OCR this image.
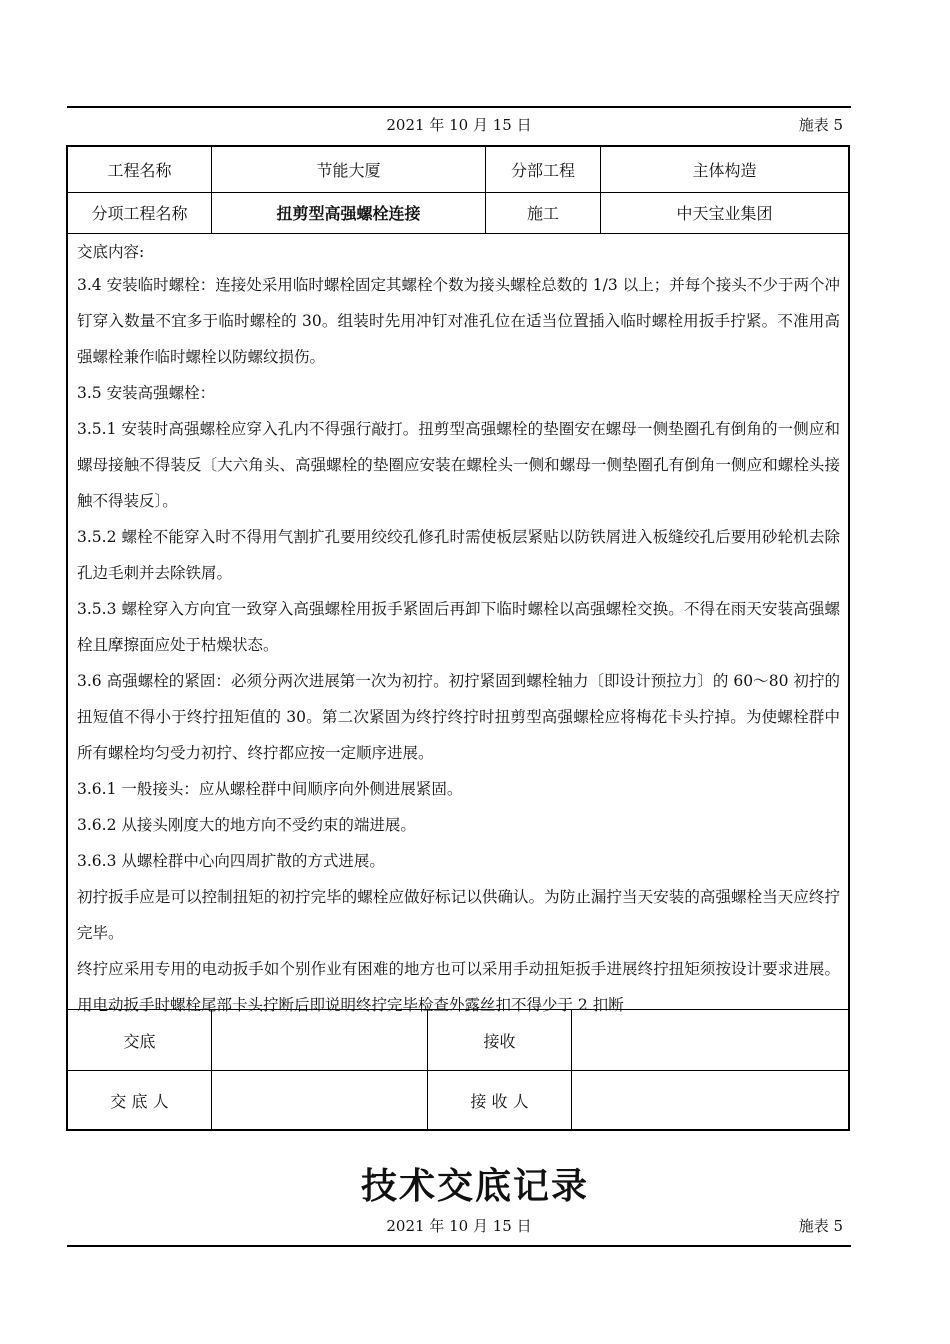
2021 年 10 月 15 日	施表 5
工程名称	节能大厦	分部工程	主体构造
分项工程名称	扭剪型高强螺栓连接	施工	中天宝业集团

交底内容:

3.4 安装临时螺栓：连接处采用临时螺栓固定其螺栓个数为接头螺栓总数的 1/3 以上；并每个接头不少于两个冲钉穿入数量不宜多于临时螺栓的 30。组装时先用冲钉对准孔位在适当位置插入临时螺栓用扳手拧紧。不准用高强螺栓兼作临时螺栓以防螺纹损伤。

3.5 安装高强螺栓：

3.5.1 安装时高强螺栓应穿入孔内不得强行敲打。扭剪型高强螺栓的垫圈安在螺母一侧垫圈孔有倒角的一侧应和螺母接触不得装反〔大六角头、高强螺栓的垫圈应安装在螺栓头一侧和螺母一侧垫圈孔有倒角一侧应和螺栓头接触不得装反〕。

3.5.2 螺栓不能穿入时不得用气割扩孔要用绞绞孔修孔时需使板层紧贴以防铁屑进入板缝绞孔后要用砂轮机去除孔边毛刺并去除铁屑。

3.5.3 螺栓穿入方向宜一致穿入高强螺栓用扳手紧固后再卸下临时螺栓以高强螺栓交换。不得在雨天安装高强螺栓且摩擦面应处于枯燥状态。

3.6 高强螺栓的紧固：必须分两次进展第一次为初拧。初拧紧固到螺栓轴力〔即设计预拉力〕的 60～80 初拧的扭短值不得小于终拧扭矩值的 30。第二次紧固为终拧终拧时扭剪型高强螺栓应将梅花卡头拧掉。为使螺栓群中所有螺栓均匀受力初拧、终拧都应按一定顺序进展。

3.6.1 一般接头：应从螺栓群中间顺序向外侧进展紧固。

3.6.2 从接头刚度大的地方向不受约束的端进展。

3.6.3 从螺栓群中心向四周扩散的方式进展。

初拧扳手应是可以控制扭矩的初拧完毕的螺栓应做好标记以供确认。为防止漏拧当天安装的高强螺栓当天应终拧完毕。

终拧应采用专用的电动扳手如个别作业有困难的地方也可以采用手动扭矩扳手进展终拧扭矩须按设计要求进展。用电动扳手时螺栓尾部卡头拧断后即说明终拧完毕检查外露丝扣不得少于 2 扣断

交底	接收
交 底 人	接 收 人
技术交底记录
2021 年 10 月 15 日	施表 5
